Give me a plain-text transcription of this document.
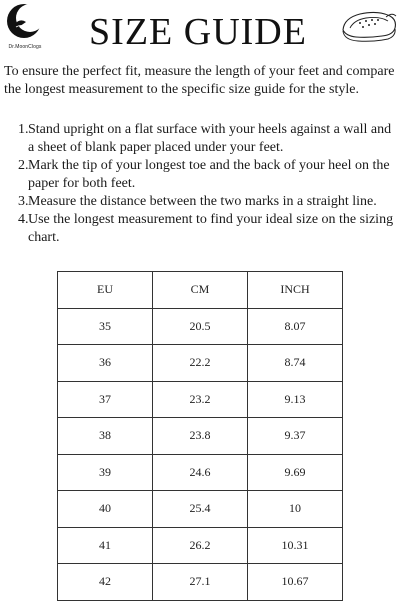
Dr.MoonClogs SIZE GUIDE
To ensure the perfect fit, measure the length of your feet and compare the longest measurement to the specific size guide for the style.
1. Stand upright on a flat surface with your heels against a wall and a sheet of blank paper placed under your feet.
2. Mark the tip of your longest toe and the back of your heel on the paper for both feet.
3. Measure the distance between the two marks in a straight line.
4. Use the longest measurement to find your ideal size on the sizing chart.
EU	CM	INCH
35	20.5	8.07
36	22.2	8.74
37	23.2	9.13
38	23.8	9.37
39	24.6	9.69
40	25.4	10
41	26.2	10.31
42	27.1	10.67
